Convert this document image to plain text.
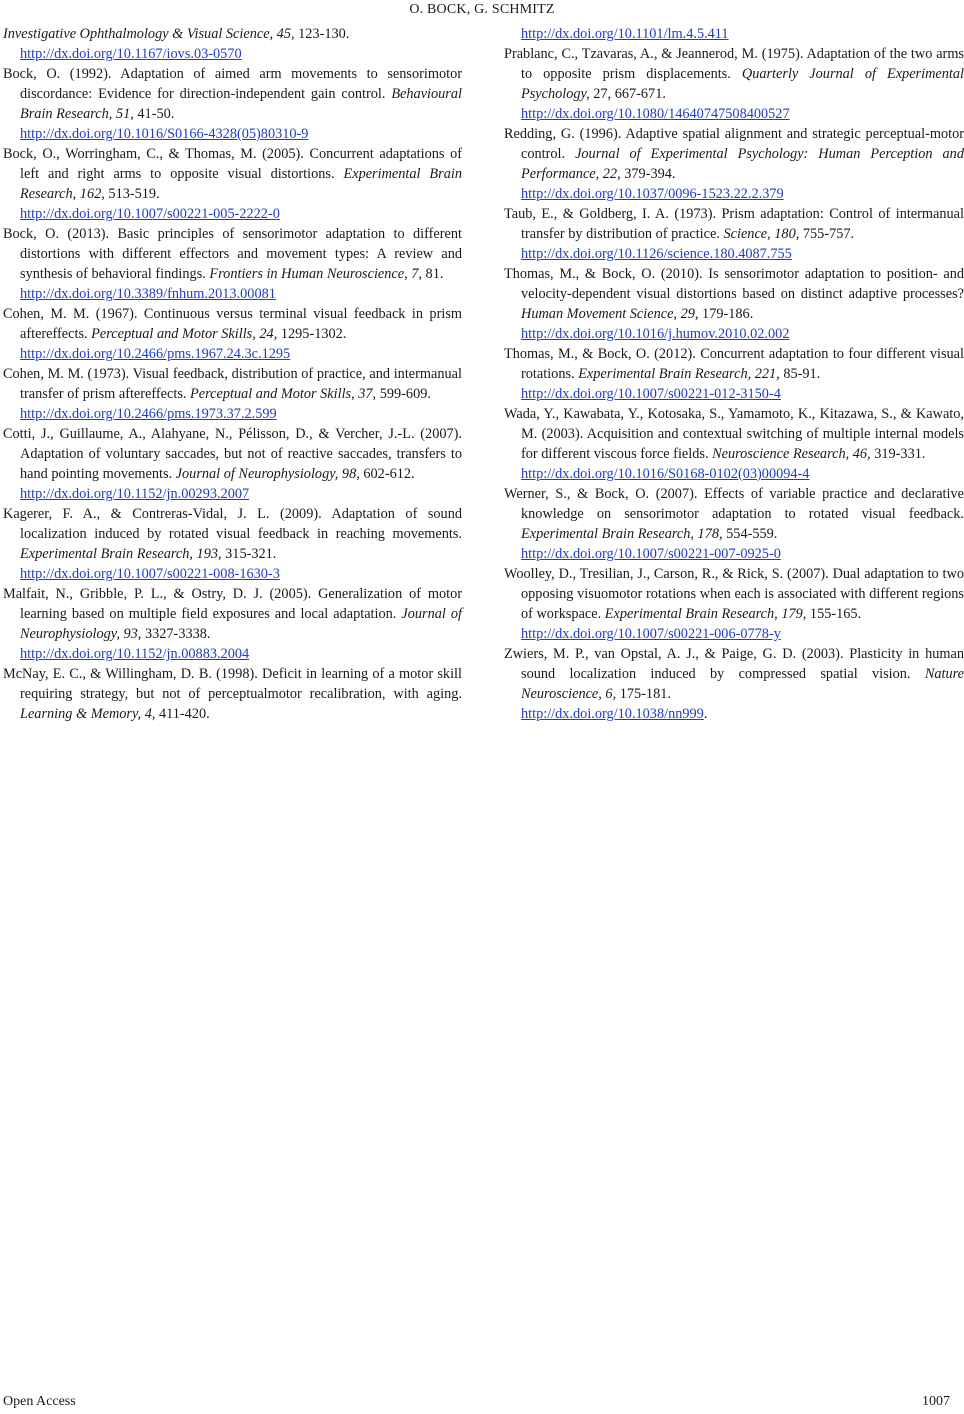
O. BOCK, G. SCHMITZ

Investigative Ophthalmology & Visual Science, 45, 123-130.
http://dx.doi.org/10.1167/iovs.03-0570

Bock, O. (1992). Adaptation of aimed arm movements to sensorimotor discordance: Evidence for direction-independent gain control. Behavioural Brain Research, 51, 41-50.
http://dx.doi.org/10.1016/S0166-4328(05)80310-9

Bock, O., Worringham, C., & Thomas, M. (2005). Concurrent adaptations of left and right arms to opposite visual distortions. Experimental Brain Research, 162, 513-519.
http://dx.doi.org/10.1007/s00221-005-2222-0

Bock, O. (2013). Basic principles of sensorimotor adaptation to different distortions with different effectors and movement types: A review and synthesis of behavioral findings. Frontiers in Human Neuroscience, 7, 81.
http://dx.doi.org/10.3389/fnhum.2013.00081

Cohen, M. M. (1967). Continuous versus terminal visual feedback in prism aftereffects. Perceptual and Motor Skills, 24, 1295-1302.
http://dx.doi.org/10.2466/pms.1967.24.3c.1295

Cohen, M. M. (1973). Visual feedback, distribution of practice, and intermanual transfer of prism aftereffects. Perceptual and Motor Skills, 37, 599-609.
http://dx.doi.org/10.2466/pms.1973.37.2.599

Cotti, J., Guillaume, A., Alahyane, N., Pélisson, D., & Vercher, J.-L. (2007). Adaptation of voluntary saccades, but not of reactive saccades, transfers to hand pointing movements. Journal of Neurophysiology, 98, 602-612.
http://dx.doi.org/10.1152/jn.00293.2007

Kagerer, F. A., & Contreras-Vidal, J. L. (2009). Adaptation of sound localization induced by rotated visual feedback in reaching movements. Experimental Brain Research, 193, 315-321.
http://dx.doi.org/10.1007/s00221-008-1630-3

Malfait, N., Gribble, P. L., & Ostry, D. J. (2005). Generalization of motor learning based on multiple field exposures and local adaptation. Journal of Neurophysiology, 93, 3327-3338.
http://dx.doi.org/10.1152/jn.00883.2004

McNay, E. C., & Willingham, D. B. (1998). Deficit in learning of a motor skill requiring strategy, but not of perceptualmotor recalibration, with aging. Learning & Memory, 4, 411-420.

http://dx.doi.org/10.1101/lm.4.5.411

Prablanc, C., Tzavaras, A., & Jeannerod, M. (1975). Adaptation of the two arms to opposite prism displacements. Quarterly Journal of Experimental Psychology, 27, 667-671.
http://dx.doi.org/10.1080/14640747508400527

Redding, G. (1996). Adaptive spatial alignment and strategic perceptual-motor control. Journal of Experimental Psychology: Human Perception and Performance, 22, 379-394.
http://dx.doi.org/10.1037/0096-1523.22.2.379

Taub, E., & Goldberg, I. A. (1973). Prism adaptation: Control of intermanual transfer by distribution of practice. Science, 180, 755-757.
http://dx.doi.org/10.1126/science.180.4087.755

Thomas, M., & Bock, O. (2010). Is sensorimotor adaptation to position- and velocity-dependent visual distortions based on distinct adaptive processes? Human Movement Science, 29, 179-186.
http://dx.doi.org/10.1016/j.humov.2010.02.002

Thomas, M., & Bock, O. (2012). Concurrent adaptation to four different visual rotations. Experimental Brain Research, 221, 85-91.
http://dx.doi.org/10.1007/s00221-012-3150-4

Wada, Y., Kawabata, Y., Kotosaka, S., Yamamoto, K., Kitazawa, S., & Kawato, M. (2003). Acquisition and contextual switching of multiple internal models for different viscous force fields. Neuroscience Research, 46, 319-331.
http://dx.doi.org/10.1016/S0168-0102(03)00094-4

Werner, S., & Bock, O. (2007). Effects of variable practice and declarative knowledge on sensorimotor adaptation to rotated visual feedback. Experimental Brain Research, 178, 554-559.
http://dx.doi.org/10.1007/s00221-007-0925-0

Woolley, D., Tresilian, J., Carson, R., & Rick, S. (2007). Dual adaptation to two opposing visuomotor rotations when each is associated with different regions of workspace. Experimental Brain Research, 179, 155-165.
http://dx.doi.org/10.1007/s00221-006-0778-y

Zwiers, M. P., van Opstal, A. J., & Paige, G. D. (2003). Plasticity in human sound localization induced by compressed spatial vision. Nature Neuroscience, 6, 175-181.
http://dx.doi.org/10.1038/nn999.

Open Access	1007
